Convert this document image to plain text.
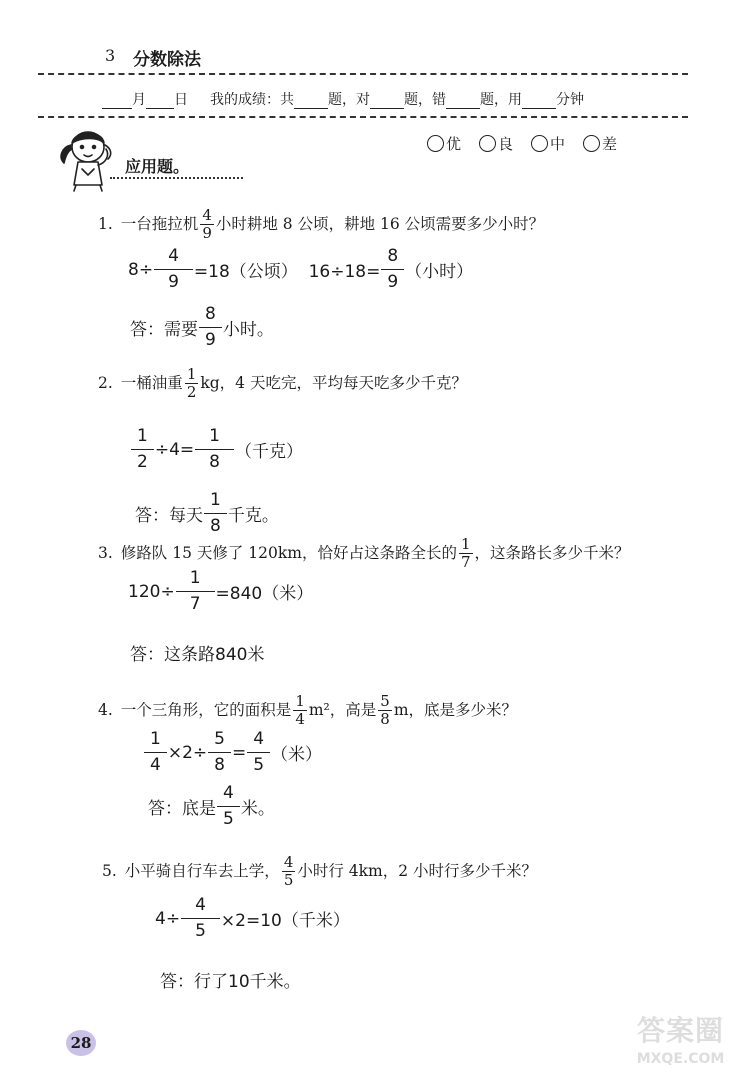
3 分数除法
月 日 我的成绩：共 题，对 题，错 题，用 分钟
应用题。
优 良 中 差
1. 一台拖拉机 4
9
小时耕地 8 公顷，耕地 16 公顷需要多少小时？
$8\div \frac{4}{9} =18$（公顷）  $16\div 18= \frac{8}{9}$ （小时）
答：需要
8
9 小时。
2. 一桶油重 1
2
kg，4 天吃完，平均每天吃多少千克？
$\frac{1}{2} \div 4= \frac{1}{8}$ （千克）
答：每天
1
8 千克。
3. 修路队 15 天修了 120km，恰好占这条路全长的 1
7
，这条路长多少千米？
$120\div \frac{1}{7} =840$（米）
答：这条路840米
4. 一个三角形，它的面积是 1
4
m²，高是 5
8
m，底是多少米？
$\frac{1}{4} \times 2\div \frac{5}{8} = \frac{4}{5}$ （米）
答：底是
4
5 米。
5. 小平骑自行车去上学， 4
5
小时行 4km，2 小时行多少千米？
$4\div \frac{4}{5} \times 2=10$（千米）
答：行了10千米。
28	答案圈
MXQE.COM
